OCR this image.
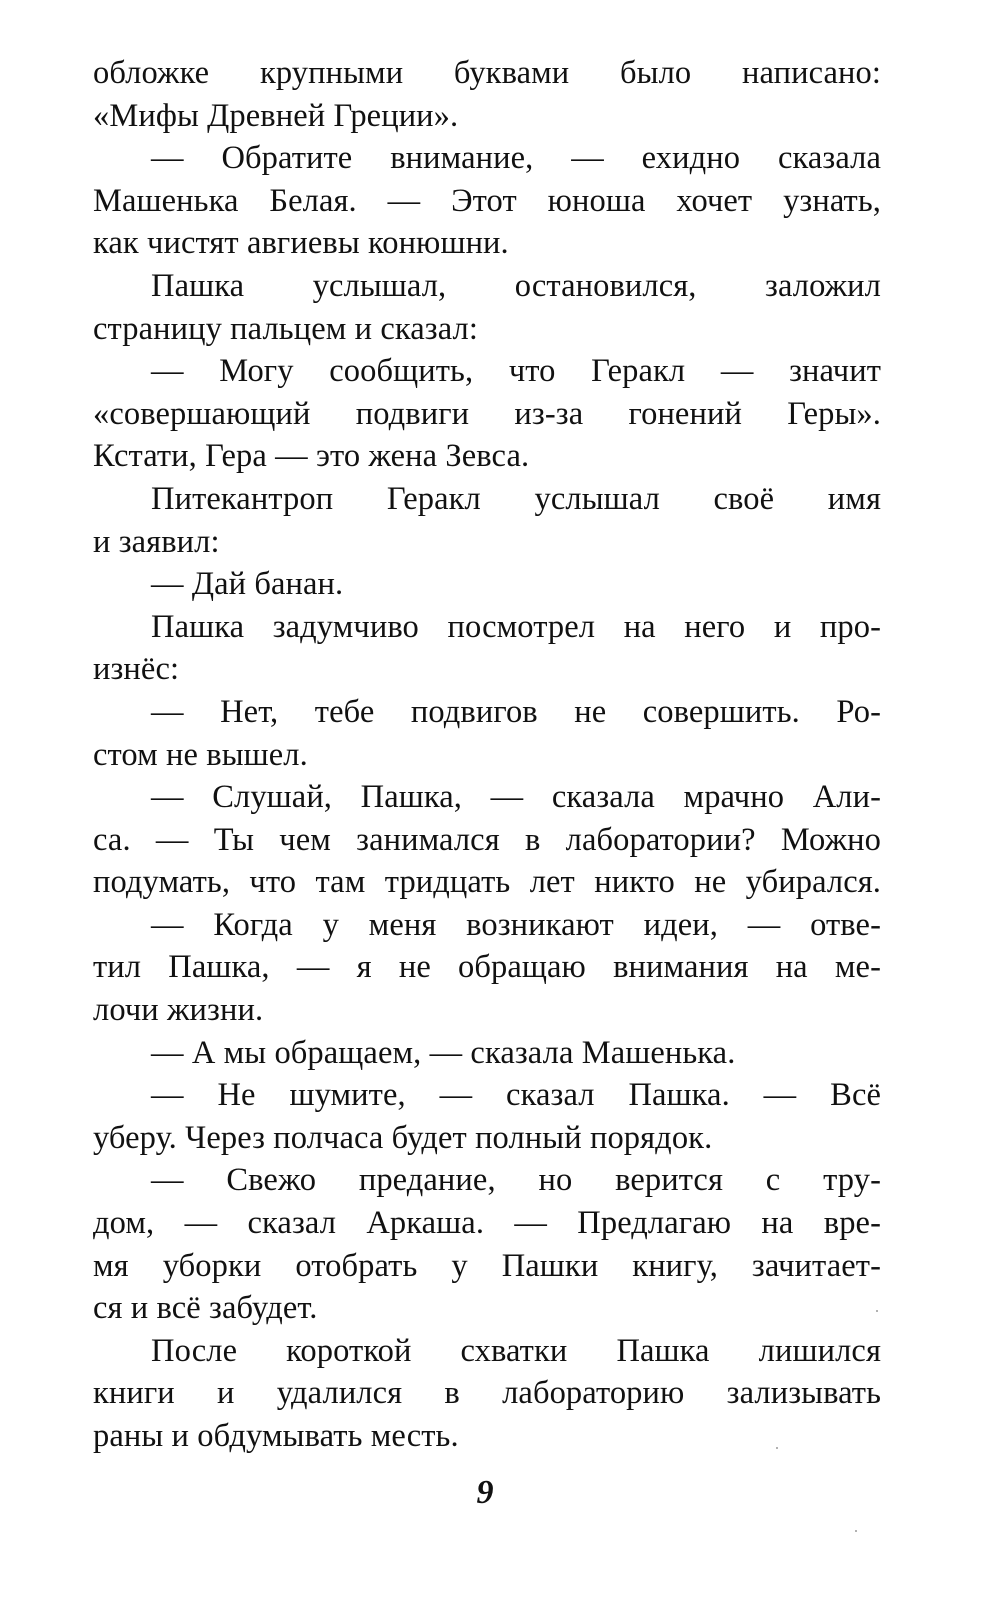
обложке крупными буквами было написано:
«Мифы Древней Греции».
— Обратите внимание, — ехидно сказала
Машенька Белая. — Этот юноша хочет узнать,
как чистят авгиевы конюшни.
Пашка услышал, остановился, заложил
страницу пальцем и сказал:
— Могу сообщить, что Геракл — значит
«совершающий подвиги из-за гонений Геры».
Кстати, Гера — это жена Зевса.
Питекантроп Геракл услышал своё имя
и заявил:
— Дай банан.
Пашка задумчиво посмотрел на него и про-
изнёс:
— Нет, тебе подвигов не совершить. Ро-
стом не вышел.
— Слушай, Пашка, — сказала мрачно Али-
са. — Ты чем занимался в лаборатории? Можно
подумать, что там тридцать лет никто не убирался.
— Когда у меня возникают идеи, — отве-
тил Пашка, — я не обращаю внимания на ме-
лочи жизни.
— А мы обращаем, — сказала Машенька.
— Не шумите, — сказал Пашка. — Всё
уберу. Через полчаса будет полный порядок.
— Свежо предание, но верится с тру-
дом, — сказал Аркаша. — Предлагаю на вре-
мя уборки отобрать у Пашки книгу, зачитает-
ся и всё забудет.
После короткой схватки Пашка лишился
книги и удалился в лабораторию зализывать
раны и обдумывать месть.
9
